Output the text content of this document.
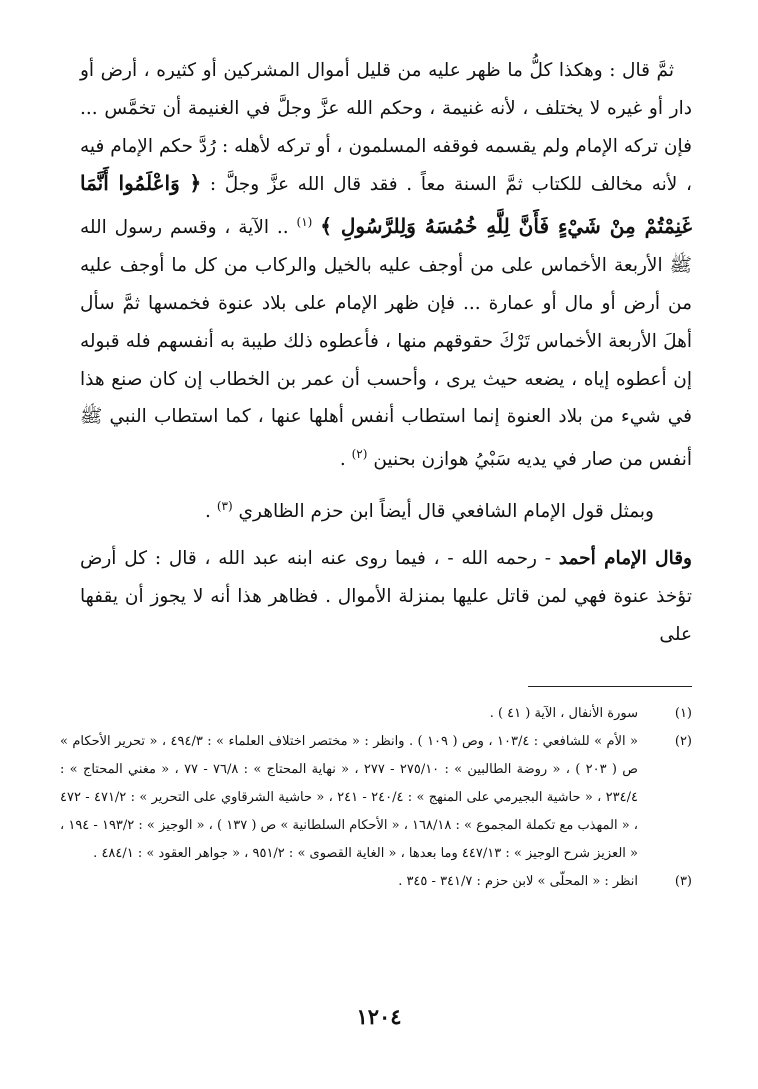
ثمَّ قال : وهكذا كلُّ ما ظهر عليه من قليل أموال المشركين أو كثيره ، أرض أو دار أو غيره لا يختلف ، لأنه غنيمة ، وحكم الله عزَّ وجلَّ في الغنيمة أن تخمَّس ... فإن تركه الإمام ولم يقسمه فوقفه المسلمون ، أو تركه لأهله : رُدَّ حكم الإمام فيه ، لأنه مخالف للكتاب ثمَّ السنة معاً . فقد قال الله عزَّ وجلَّ : ﴿ وَاعْلَمُوا أَنَّمَا غَنِمْتُمْ مِنْ شَيْءٍ فَأَنَّ لِلَّهِ خُمُسَهُ وَلِلرَّسُولِ ﴾ $^{(١)}$ .. الآية ، وقسم رسول الله ﷺ الأربعة الأخماس على من أوجف عليه بالخيل والركاب من كل ما أوجف عليه من أرض أو مال أو عمارة ... فإن ظهر الإمام على بلاد عنوة فخمسها ثمَّ سأل أهلَ الأربعة الأخماس تَرْكَ حقوقهم منها ، فأعطوه ذلك طيبة به أنفسهم فله قبوله إن أعطوه إياه ، يضعه حيث يرى ، وأحسب أن عمر بن الخطاب إن كان صنع هذا في شيء من بلاد العنوة إنما استطاب أنفس أهلها عنها ، كما استطاب النبي ﷺ أنفس من صار في يديه سَبْيُ هوازن بحنين $^{(٢)}$ .

وبمثل قول الإمام الشافعي قال أيضاً ابن حزم الظاهري $^{(٣)}$ .

وقال الإمام أحمد - رحمه الله - ، فيما روى عنه ابنه عبد الله ، قال : كل أرض تؤخذ عنوة فهي لمن قاتل عليها بمنزلة الأموال . فظاهر هذا أنه لا يجوز أن يقفها على

(١)
سورة الأنفال ، الآية ( ٤١ ) .
(٢)
« الأم » للشافعي : ١٠٣/٤ ، وص ( ١٠٩ ) . وانظر : « مختصر اختلاف العلماء » : ٤٩٤/٣ ، « تحرير الأحكام » ص ( ٢٠٣ ) ، « روضة الطالبين » : ٢٧٥/١٠ - ٢٧٧ ، « نهاية المحتاج » : ٧٦/٨ - ٧٧ ، « مغني المحتاج » : ٢٣٤/٤ ، « حاشية البجيرمي على المنهج » : ٢٤٠/٤ - ٢٤١ ، « حاشية الشرقاوي على التحرير » : ٤٧١/٢ - ٤٧٢ ، « المهذب مع تكملة المجموع » : ١٦٨/١٨ ، « الأحكام السلطانية » ص ( ١٣٧ ) ، « الوجيز » : ١٩٣/٢ - ١٩٤ ، « العزيز شرح الوجيز » : ٤٤٧/١٣ وما بعدها ، « الغاية القصوى » : ٩٥١/٢ ، « جواهر العقود » : ٤٨٤/١ .
(٣)
انظر : « المحلّى » لابن حزم : ٣٤١/٧ - ٣٤٥ .
١٢٠٤
